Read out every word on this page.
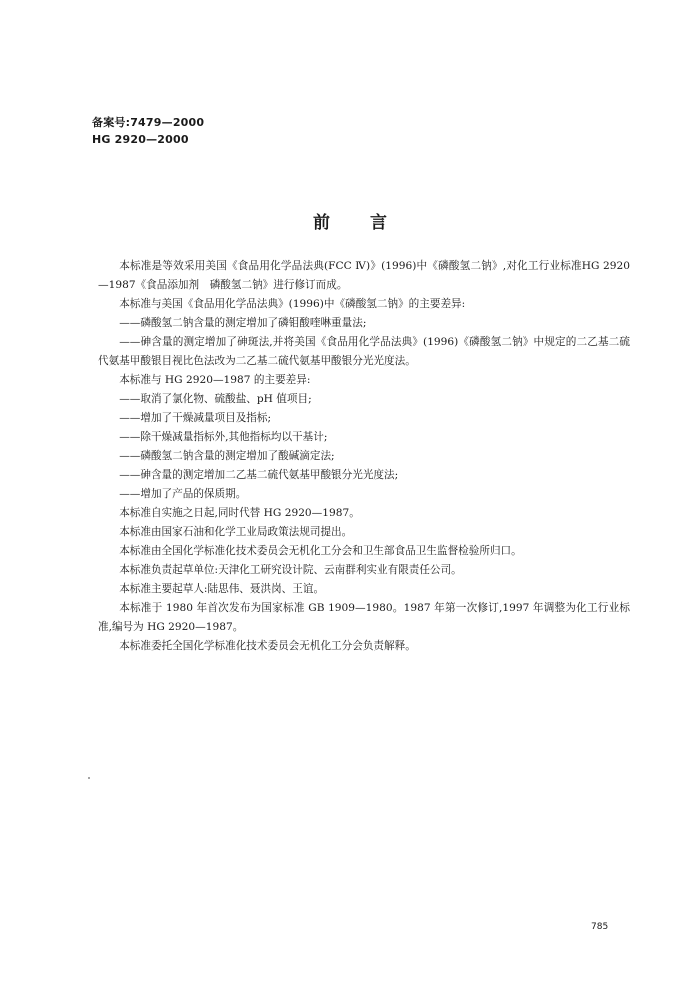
备案号:7479—2000
HG 2920—2000
前言

本标准是等效采用美国《食品用化学品法典(FCC Ⅳ)》(1996)中《磷酸氢二钠》,对化工行业标准HG 2920—1987《食品添加剂　磷酸氢二钠》进行修订而成。

本标准与美国《食品用化学品法典》(1996)中《磷酸氢二钠》的主要差异:

——磷酸氢二钠含量的测定增加了磷钼酸喹啉重量法;

——砷含量的测定增加了砷斑法,并将美国《食品用化学品法典》(1996)《磷酸氢二钠》中规定的二乙基二硫代氨基甲酸银目视比色法改为二乙基二硫代氨基甲酸银分光光度法。

本标准与 HG 2920—1987 的主要差异:

——取消了氯化物、硫酸盐、pH 值项目;

——增加了干燥减量项目及指标;

——除干燥减量指标外,其他指标均以干基计;

——磷酸氢二钠含量的测定增加了酸碱滴定法;

——砷含量的测定增加二乙基二硫代氨基甲酸银分光光度法;

——增加了产品的保质期。

本标准自实施之日起,同时代替 HG 2920—1987。

本标准由国家石油和化学工业局政策法规司提出。

本标准由全国化学标准化技术委员会无机化工分会和卫生部食品卫生监督检验所归口。

本标准负责起草单位:天津化工研究设计院、云南群利实业有限责任公司。

本标准主要起草人:陆思伟、聂洪岗、王谊。

本标准于 1980 年首次发布为国家标准 GB 1909—1980。1987 年第一次修订,1997 年调整为化工行业标准,编号为 HG 2920—1987。

本标准委托全国化学标准化技术委员会无机化工分会负责解释。

785
